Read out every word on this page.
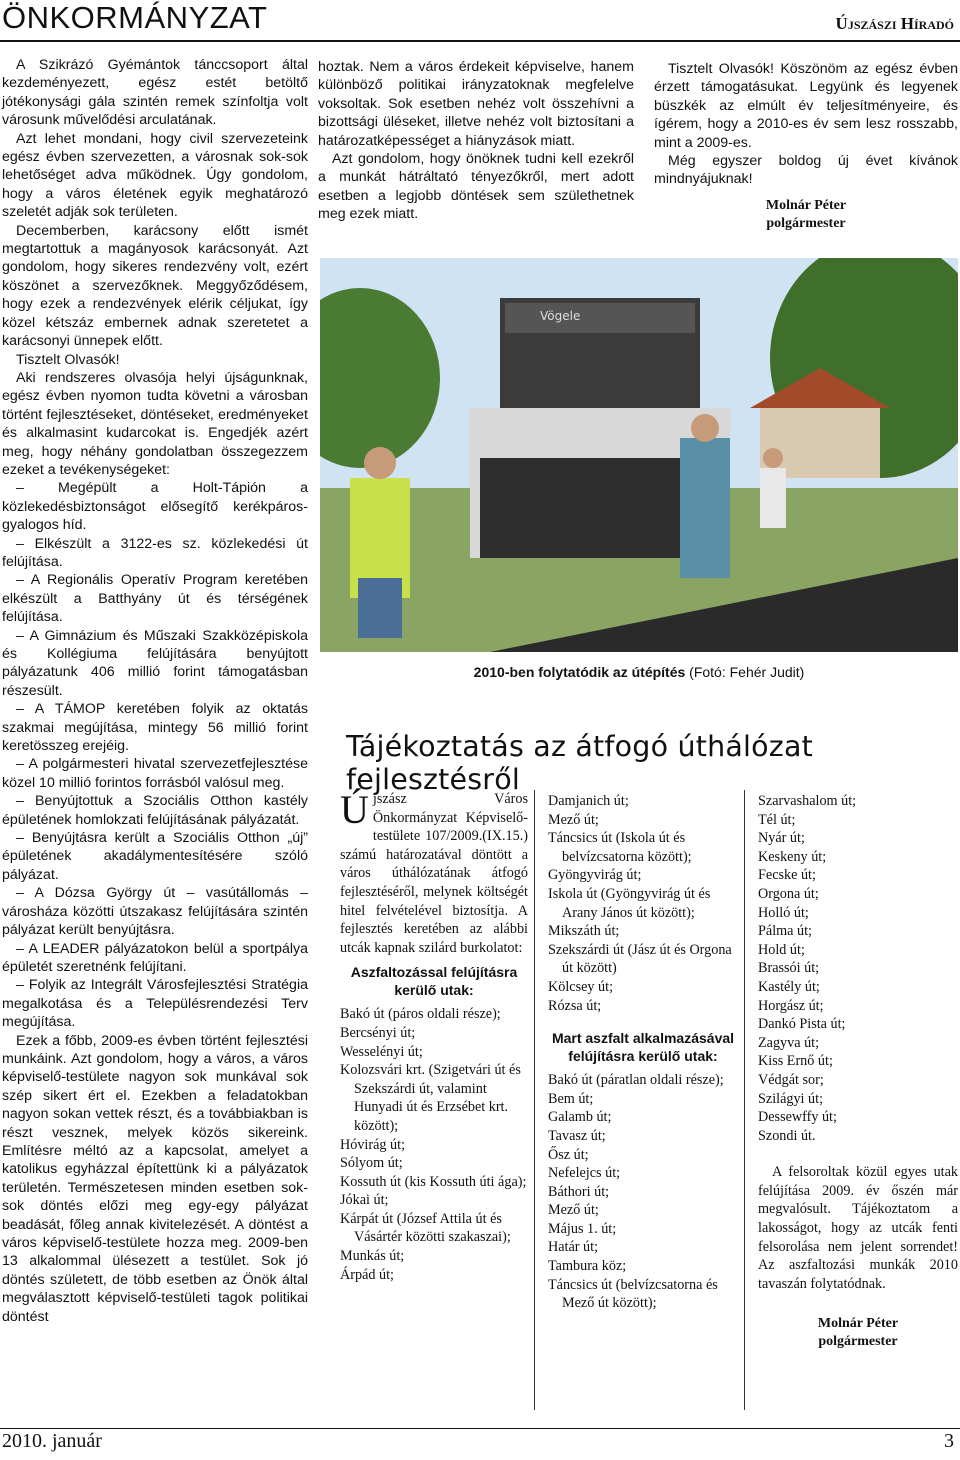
ÖNKORMÁNYZAT	Újszászi Híradó

A Szikrázó Gyémántok tánccsoport által kezdeményezett, egész estét betöltő jótékonysági gála szintén remek színfoltja volt városunk művelődési arculatának.

Azt lehet mondani, hogy civil szervezeteink egész évben szervezetten, a városnak sok-sok lehetőséget adva működnek. Úgy gondolom, hogy a város életének egyik meghatározó szeletét adják sok területen.

Decemberben, karácsony előtt ismét megtartottuk a magányosok karácsonyát. Azt gondolom, hogy sikeres rendezvény volt, ezért köszönet a szervezőknek. Meggyőződésem, hogy ezek a rendezvények elérik céljukat, így közel kétszáz embernek adnak szeretetet a karácsonyi ünnepek előtt.

Tisztelt Olvasók!

Aki rendszeres olvasója helyi újságunknak, egész évben nyomon tudta követni a városban történt fejlesztéseket, döntéseket, eredményeket és alkalmasint kudarcokat is. Engedjék azért meg, hogy néhány gondolatban összegezzem ezeket a tevékenységeket:

– Megépült a Holt-Tápión a közlekedésbiztonságot elősegítő kerékpáros-gyalogos híd.

– Elkészült a 3122-es sz. közlekedési út felújítása.

– A Regionális Operatív Program keretében elkészült a Batthyány út és térségének felújítása.

– A Gimnázium és Műszaki Szakközépiskola és Kollégiuma felújítására benyújtott pályázatunk 406 millió forint támogatásban részesült.

– A TÁMOP keretében folyik az oktatás szakmai megújítása, mintegy 56 millió forint keretösszeg erejéig.

– A polgármesteri hivatal szervezetfejlesztése közel 10 millió forintos forrásból valósul meg.

– Benyújtottuk a Szociális Otthon kastély épületének homlokzati felújításának pályázatát.

– Benyújtásra került a Szociális Otthon „új” épületének akadálymentesítésére szóló pályázat.

– A Dózsa György út – vasútállomás – városháza közötti útszakasz felújítására szintén pályázat került benyújtásra.

– A LEADER pályázatokon belül a sportpálya épületét szeretnénk felújítani.

– Folyik az Integrált Városfejlesztési Stratégia megalkotása és a Településrendezési Terv megújítása.

Ezek a főbb, 2009-es évben történt fejlesztési munkáink. Azt gondolom, hogy a város, a város képviselő-testülete nagyon sok munkával sok szép sikert ért el. Ezekben a feladatokban nagyon sokan vettek részt, és a továbbiakban is részt vesznek, melyek közös sikereink. Említésre méltó az a kapcsolat, amelyet a katolikus egyházzal építettünk ki a pályázatok területén. Természetesen minden esetben sok-sok döntés előzi meg egy-egy pályázat beadását, főleg annak kivitelezését. A döntést a város képviselő-testülete hozza meg. 2009-ben 13 alkalommal ülésezett a testület. Sok jó döntés született, de több esetben az Önök által megválasztott képviselő-testületi tagok politikai döntést

hoztak. Nem a város érdekeit képviselve, hanem különböző politikai irányzatoknak megfelelve voksoltak. Sok esetben nehéz volt összehívni a bizottsági üléseket, illetve nehéz volt biztosítani a határozatképességet a hiányzások miatt.

Azt gondolom, hogy önöknek tudni kell ezekről a munkát hátráltató tényezőkről, mert adott esetben a legjobb döntések sem születhetnek meg ezek miatt.

Tisztelt Olvasók! Köszönöm az egész évben érzett támogatásukat. Legyünk és legyenek büszkék az elmúlt év teljesítményeire, és ígérem, hogy a 2010-es év sem lesz rosszabb, mint a 2009-es.

Még egyszer boldog új évet kívánok mindnyájuknak!

Molnár Péter
polgármester
Vögele
2010-ben folytatódik az útépítés (Fotó: Fehér Judit)
Tájékoztatás az átfogó úthálózat fejlesztésről
Újszász Város Önkormányzat Képviselő-testülete 107/2009.(IX.15.) számú határozatával döntött a város úthálózatának átfogó fejlesztéséről, melynek költségét hitel felvételével biztosítja. A fejlesztés keretében az alábbi utcák kapnak szilárd burkolatot:
Aszfaltozással felújításra kerülő utak:
Bakó út (páros oldali része);
Bercsényi út;
Wesselényi út;
Kolozsvári krt. (Szigetvári út és Szekszárdi út, valamint Hunyadi út és Erzsébet krt. között);
Hóvirág út;
Sólyom út;
Kossuth út (kis Kossuth úti ága);
Jókai út;
Kárpát út (József Attila út és Vásártér közötti szakaszai);
Munkás út;
Árpád út;
Damjanich út;
Mező út;
Táncsics út (Iskola út és belvízcsatorna között);
Gyöngyvirág út;
Iskola út (Gyöngyvirág út és Arany János út között);
Mikszáth út;
Szekszárdi út (Jász út és Orgona út között)
Kölcsey út;
Rózsa út;
Mart aszfalt alkalmazásával felújításra kerülő utak:
Bakó út (páratlan oldali része);
Bem út;
Galamb út;
Tavasz út;
Ősz út;
Nefelejcs út;
Báthori út;
Mező út;
Május 1. út;
Határ út;
Tambura köz;
Táncsics út (belvízcsatorna és Mező út között);
Szarvashalom út;
Tél út;
Nyár út;
Keskeny út;
Fecske út;
Orgona út;
Holló út;
Pálma út;
Hold út;
Brassói út;
Kastély út;
Horgász út;
Dankó Pista út;
Zagyva út;
Kiss Ernő út;
Védgát sor;
Szilágyi út;
Dessewffy út;
Szondi út.
A felsoroltak közül egyes utak felújítása 2009. év őszén már megvalósult. Tájékoztatom a lakosságot, hogy az utcák fenti felsorolása nem jelent sorrendet! Az aszfaltozási munkák 2010 tavaszán folytatódnak.
Molnár Péter
polgármester
2010. január	3
